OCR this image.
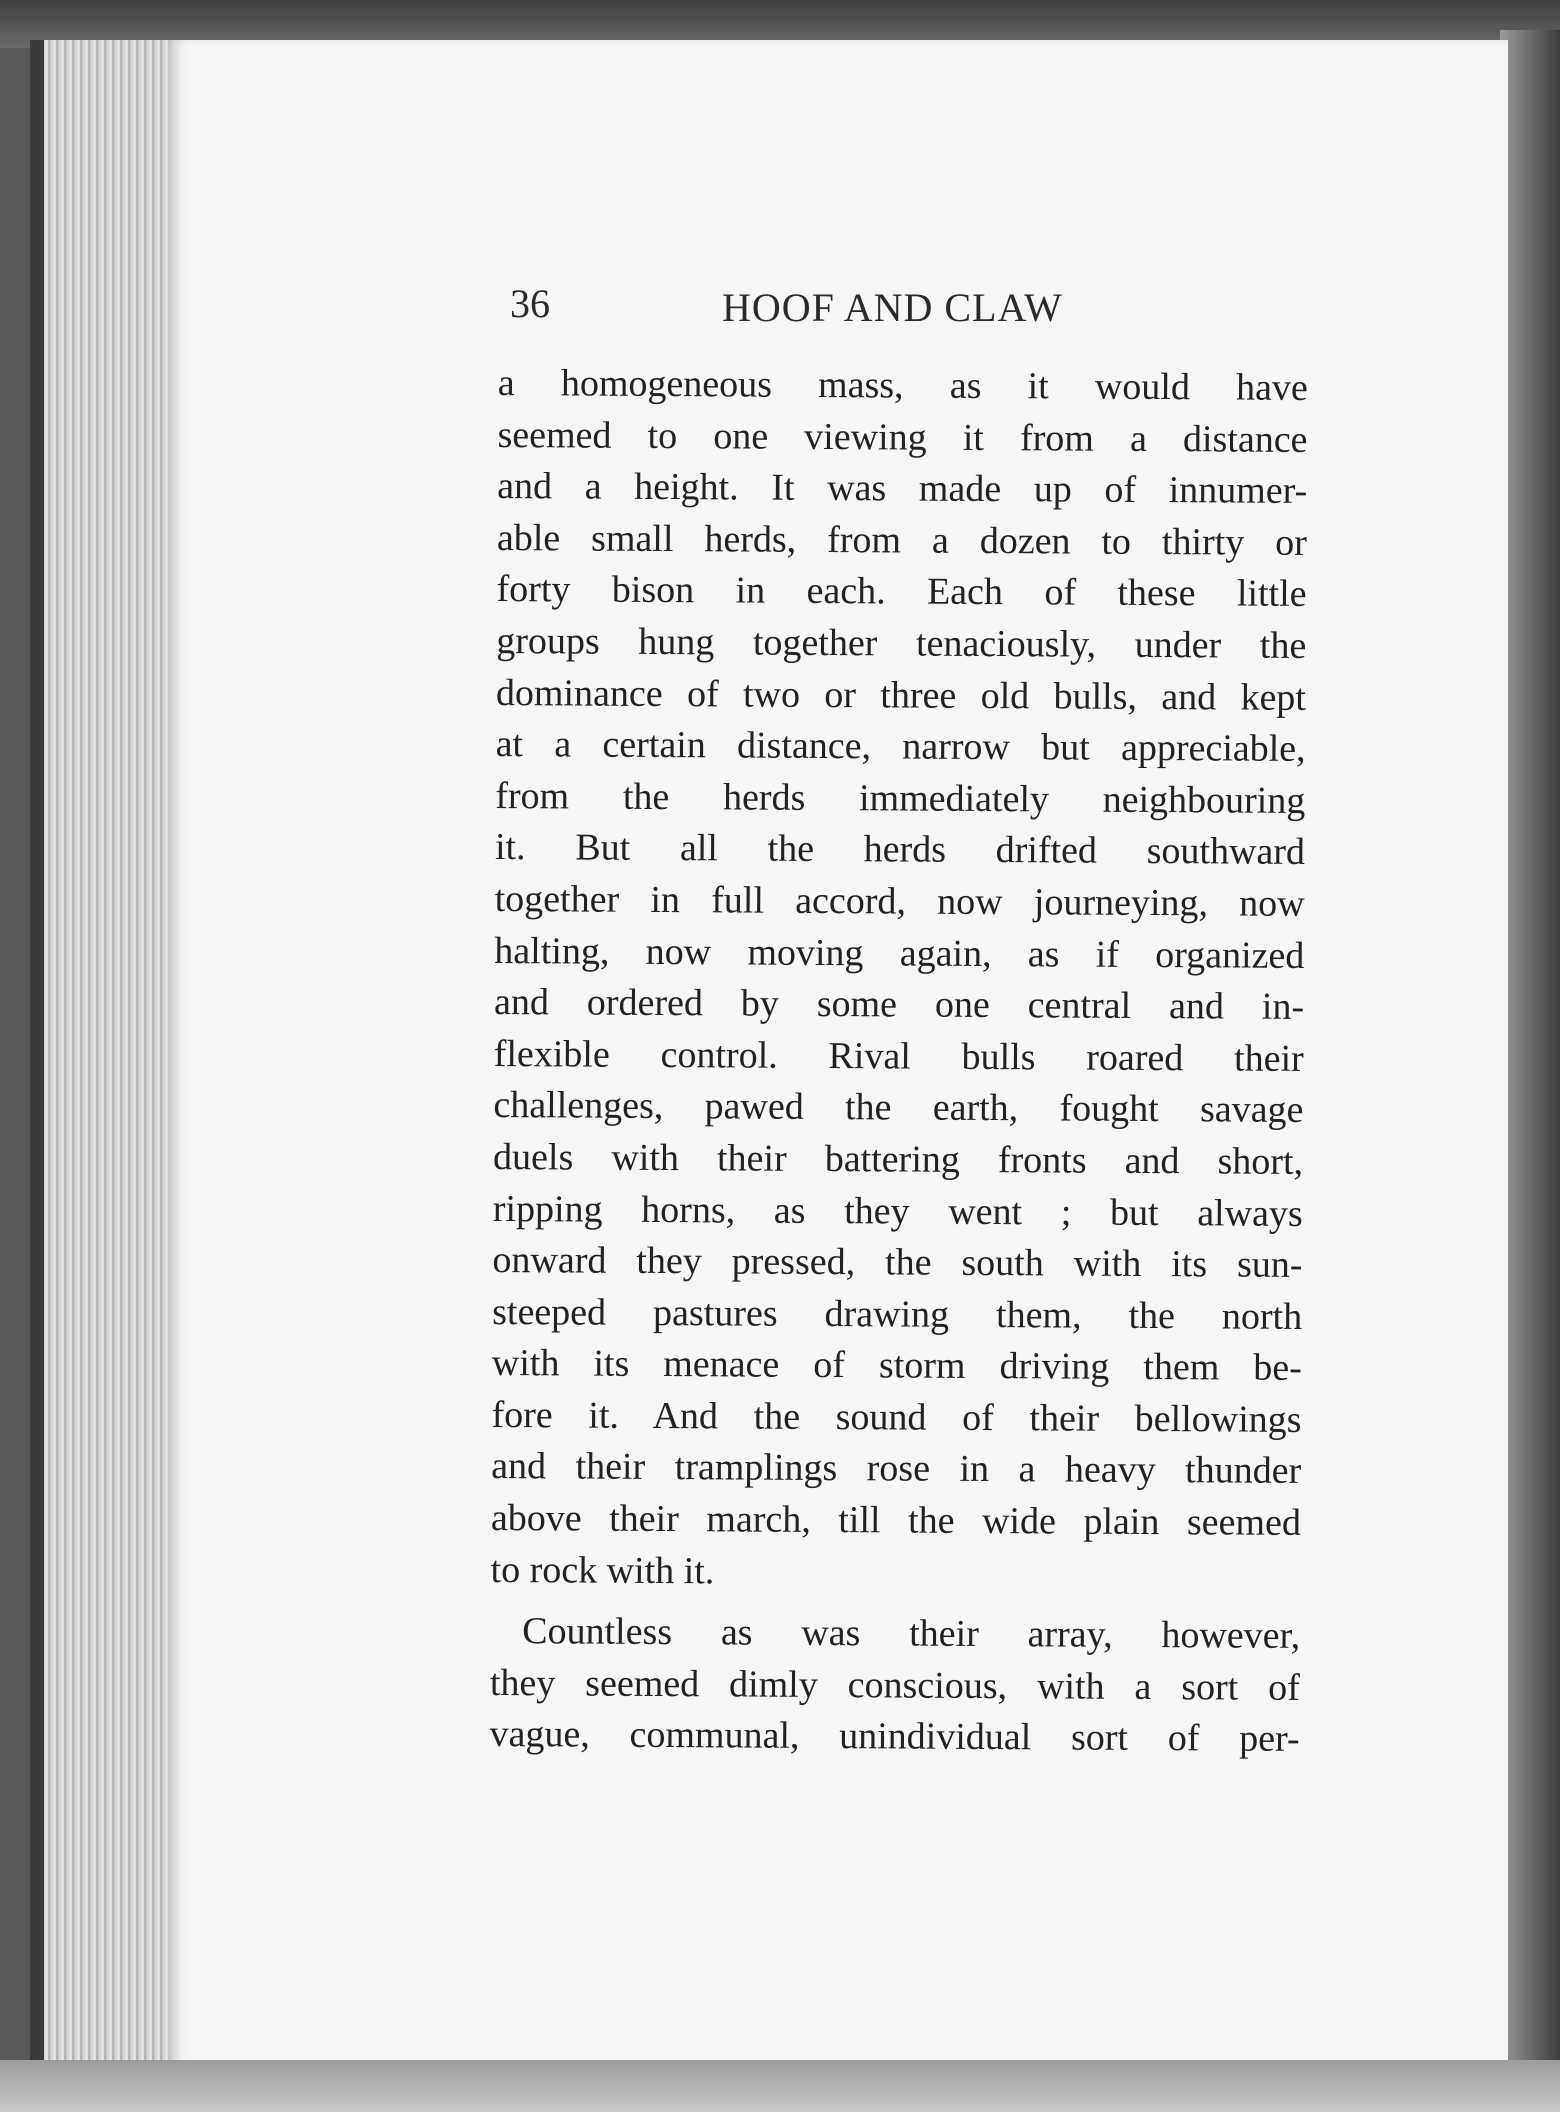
36	HOOF AND CLAW
a homogeneous mass, as it would have
seemed to one viewing it from a distance
and a height. It was made up of innumer-
able small herds, from a dozen to thirty or
forty bison in each. Each of these little
groups hung together tenaciously, under the
dominance of two or three old bulls, and kept
at a certain distance, narrow but appreciable,
from the herds immediately neighbouring
it. But all the herds drifted southward
together in full accord, now journeying, now
halting, now moving again, as if organized
and ordered by some one central and in-
flexible control. Rival bulls roared their
challenges, pawed the earth, fought savage
duels with their battering fronts and short,
ripping horns, as they went ; but always
onward they pressed, the south with its sun-
steeped pastures drawing them, the north
with its menace of storm driving them be-
fore it. And the sound of their bellowings
and their tramplings rose in a heavy thunder
above their march, till the wide plain seemed
to rock with it.
Countless as was their array, however,
they seemed dimly conscious, with a sort of
vague, communal, unindividual sort of per-
